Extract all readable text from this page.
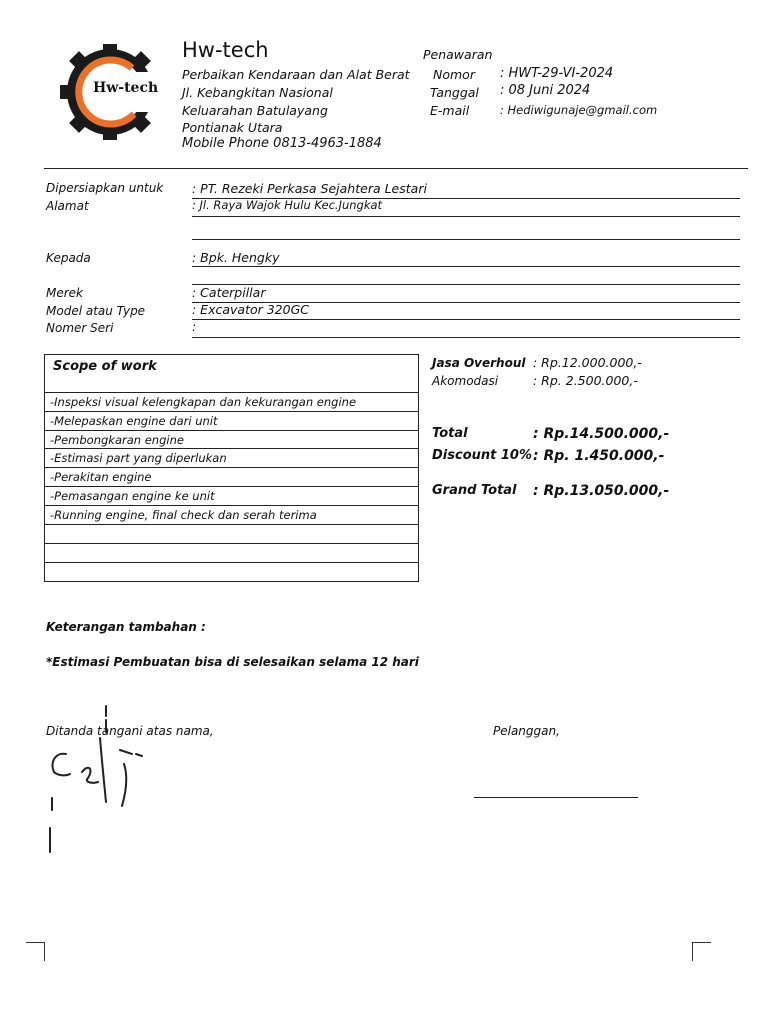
Hw-tech
Hw-tech
Perbaikan Kendaraan dan Alat Berat
Jl. Kebangkitan Nasional
Keluarahan Batulayang
Pontianak Utara
Mobile Phone 0813-4963-1884
Penawaran
Nomor : HWT-29-VI-2024
Tanggal : 08 Juni 2024
E-mail	: Hediwigunaje@gmail.com
Dipersiapkan untuk : PT. Rezeki Perkasa Sejahtera Lestari
Alamat	: Jl. Raya Wajok Hulu Kec.Jungkat
Kepada	: Bpk. Hengky
Merek	: Caterpillar
Model atau Type	: Excavator 320GC
Nomer Seri	:
Scope of work
-Inspeksi visual kelengkapan dan kekurangan engine
-Melepaskan engine dari unit
-Pembongkaran engine
-Estimasi part yang diperlukan
-Perakitan engine
-Pemasangan engine ke unit
-Running engine, final check dan serah terima
Jasa Overhoul : Rp.12.000.000,-
Akomodasi	: Rp. 2.500.000,-
Total	: Rp.14.500.000,-
Discount 10% : Rp. 1.450.000,-
Grand Total : Rp.13.050.000,-
Keterangan tambahan :
*Estimasi Pembuatan bisa di selesaikan selama 12 hari
Ditanda tangani atas nama,	Pelanggan,
